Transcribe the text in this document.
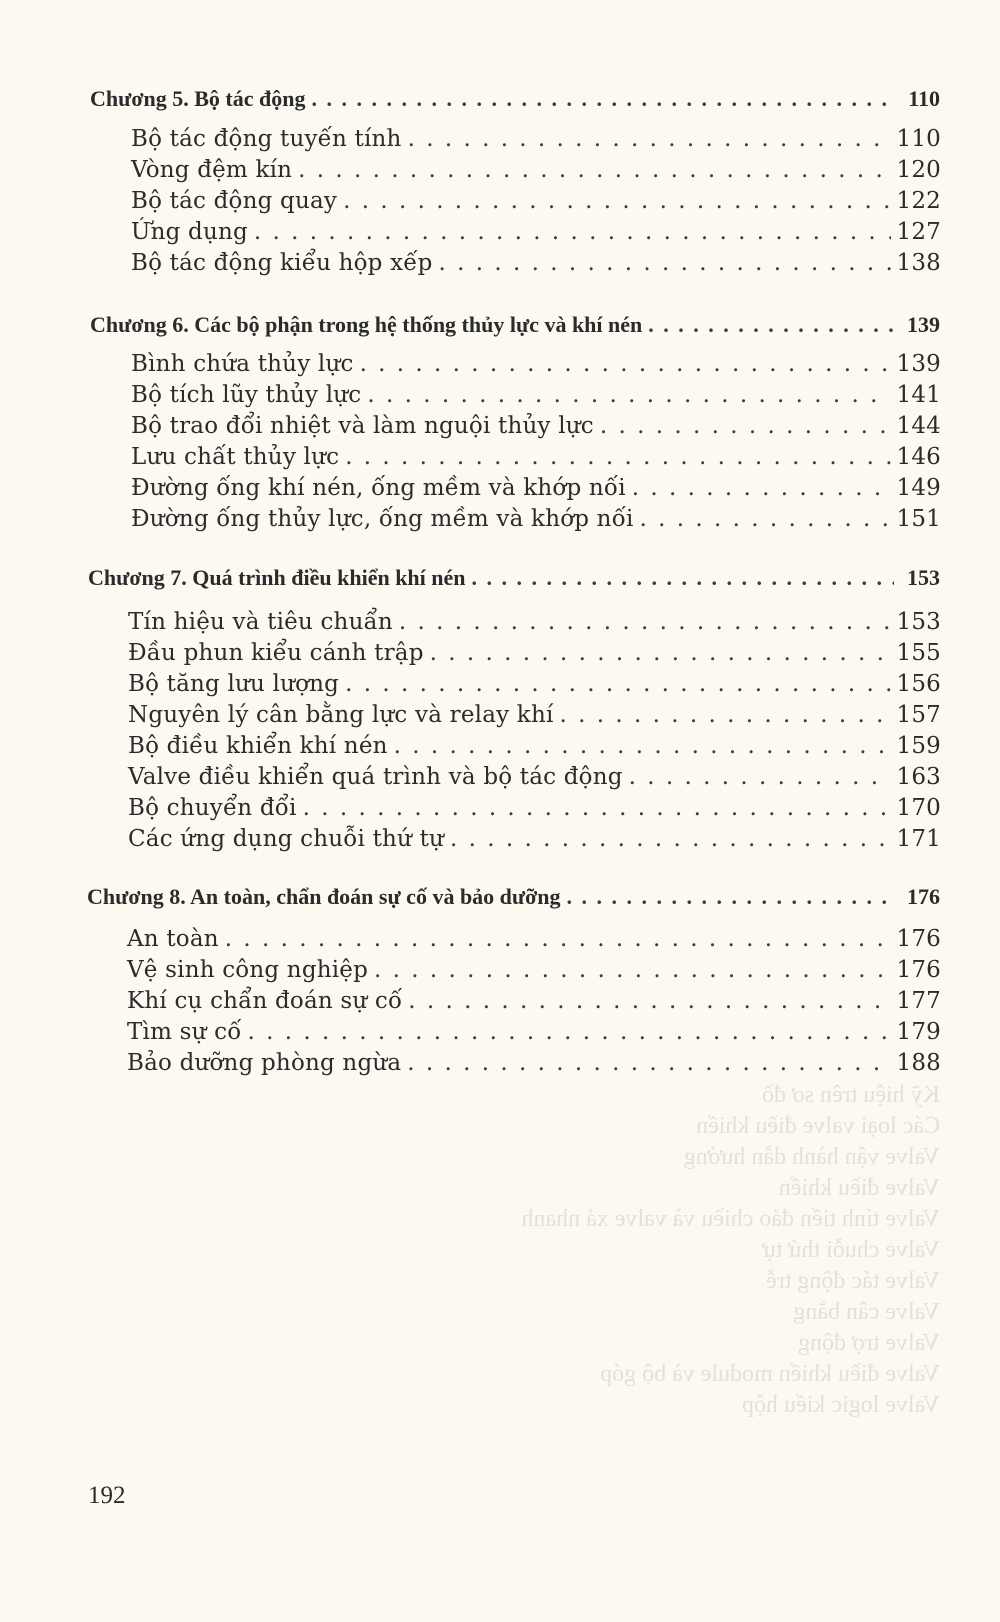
Kỹ hiệu trên sơ đồ
Các loại valve điều khiển
Valve vận hành dẫn hướng
Valve điều khiển
Valve tính tiến đảo chiều và valve xả nhanh
Valve chuỗi thứ tự
Valve tác động trễ
Valve cân bằng
Valve trợ động
Valve điều khiển module và bộ góp
Valve logic kiểu hộp
Chương 5. Bộ tác động . . .	110
Bộ tác động tuyến tính . . .	110
Vòng đệm kín . . .	120
Bộ tác động quay . . .	122
Ứng dụng . . .	127
Bộ tác động kiểu hộp xếp . . .	138
Chương 6. Các bộ phận trong hệ thống thủy lực và khí nén . . .	139
Bình chứa thủy lực . . .	139
Bộ tích lũy thủy lực . . .	141
Bộ trao đổi nhiệt và làm nguội thủy lực . . .	144
Lưu chất thủy lực . . .	146
Đường ống khí nén, ống mềm và khớp nối . . .	149
Đường ống thủy lực, ống mềm và khớp nối . . .	151
Chương 7. Quá trình điều khiển khí nén . . .	153
Tín hiệu và tiêu chuẩn . . .	153
Đầu phun kiểu cánh trập . . .	155
Bộ tăng lưu lượng . . .	156
Nguyên lý cân bằng lực và relay khí . . .	157
Bộ điều khiển khí nén . . .	159
Valve điều khiển quá trình và bộ tác động . . .	163
Bộ chuyển đổi . . .	170
Các ứng dụng chuỗi thứ tự . . .	171
Chương 8. An toàn, chẩn đoán sự cố và bảo dưỡng . . .	176
An toàn . . .	176
Vệ sinh công nghiệp . . .	176
Khí cụ chẩn đoán sự cố . . .	177
Tìm sự cố . . .	179
Bảo dưỡng phòng ngừa . . .	188
192
